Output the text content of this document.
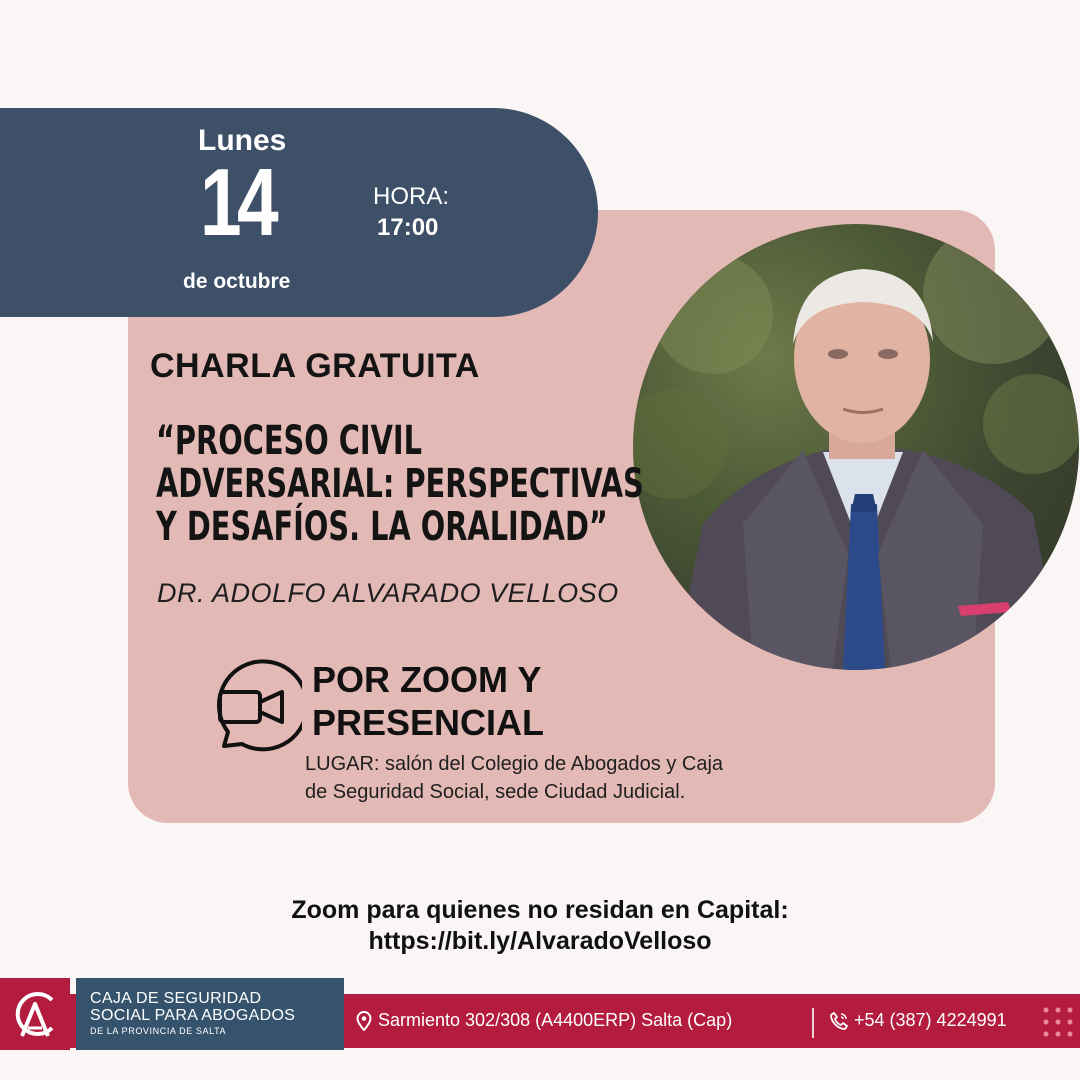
Lunes
14
de octubre
HORA:
17:00
CHARLA GRATUITA
“PROCESO CIVIL
ADVERSARIAL: PERSPECTIVAS
Y DESAFÍOS. LA ORALIDAD”
DR. ADOLFO ALVARADO VELLOSO
POR ZOOM Y
PRESENCIAL
LUGAR: salón del Colegio de Abogados y Caja
de Seguridad Social, sede Ciudad Judicial.
Zoom para quienes no residan en Capital:
https://bit.ly/AlvaradoVelloso
CAJA DE SEGURIDAD
SOCIAL PARA ABOGADOS
DE LA PROVINCIA DE SALTA
Sarmiento 302/308 (A4400ERP) Salta (Cap)	+54 (387) 4224991
